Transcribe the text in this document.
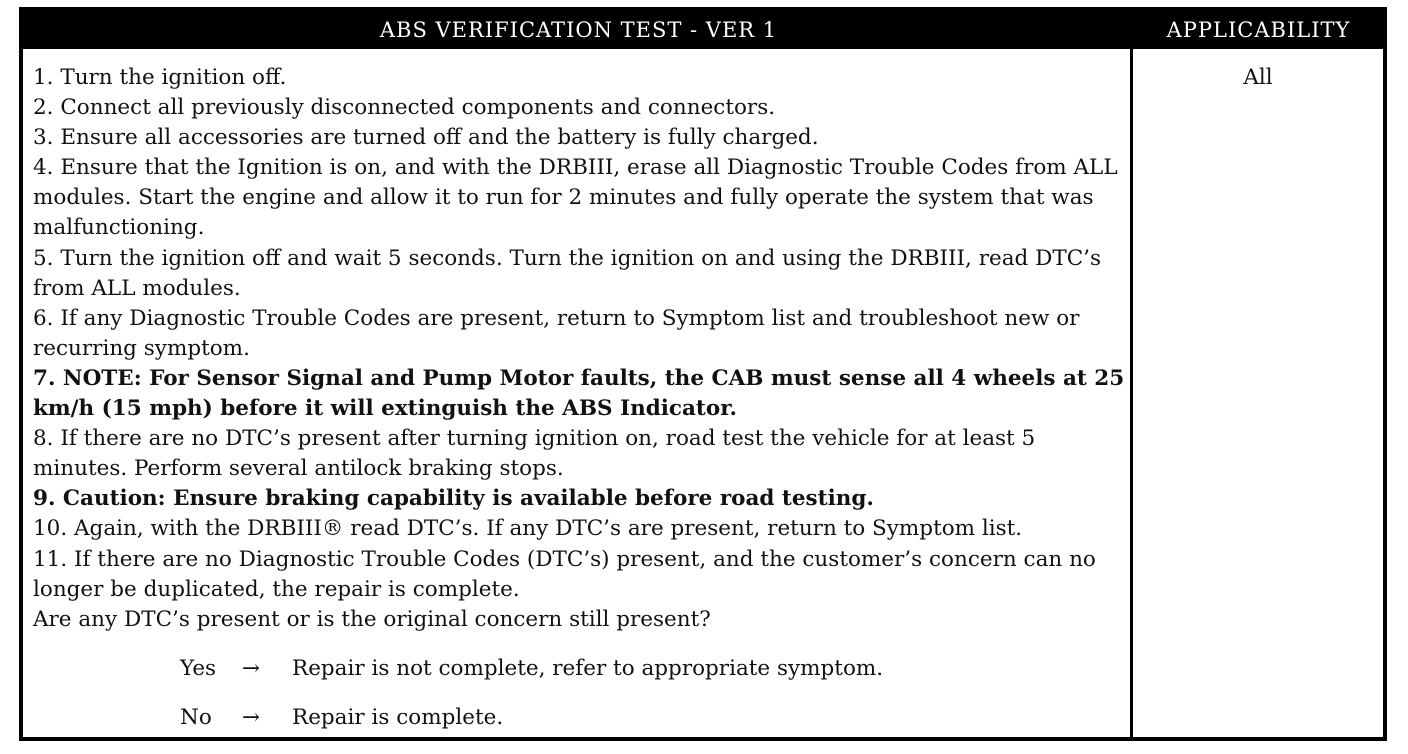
ABS VERIFICATION TEST - VER 1	APPLICABILITY

1. Turn the ignition off.

2. Connect all previously disconnected components and connectors.

3. Ensure all accessories are turned off and the battery is fully charged.

4. Ensure that the Ignition is on, and with the DRBIII, erase all Diagnostic Trouble Codes from ALL modules. Start the engine and allow it to run for 2 minutes and fully operate the system that was malfunctioning.

5. Turn the ignition off and wait 5 seconds. Turn the ignition on and using the DRBIII, read DTC’s from ALL modules.

6. If any Diagnostic Trouble Codes are present, return to Symptom list and troubleshoot new or recurring symptom.

7. NOTE: For Sensor Signal and Pump Motor faults, the CAB must sense all 4 wheels at 25 km/h (15 mph) before it will extinguish the ABS Indicator.

8. If there are no DTC’s present after turning ignition on, road test the vehicle for at least 5 minutes. Perform several antilock braking stops.

9. Caution: Ensure braking capability is available before road testing.

10. Again, with the DRBIII® read DTC’s. If any DTC’s are present, return to Symptom list.

11. If there are no Diagnostic Trouble Codes (DTC’s) present, and the customer’s concern can no longer be duplicated, the repair is complete.

Are any DTC’s present or is the original concern still present?

Yes → Repair is not complete, refer to appropriate symptom.
No → Repair is complete.
All
